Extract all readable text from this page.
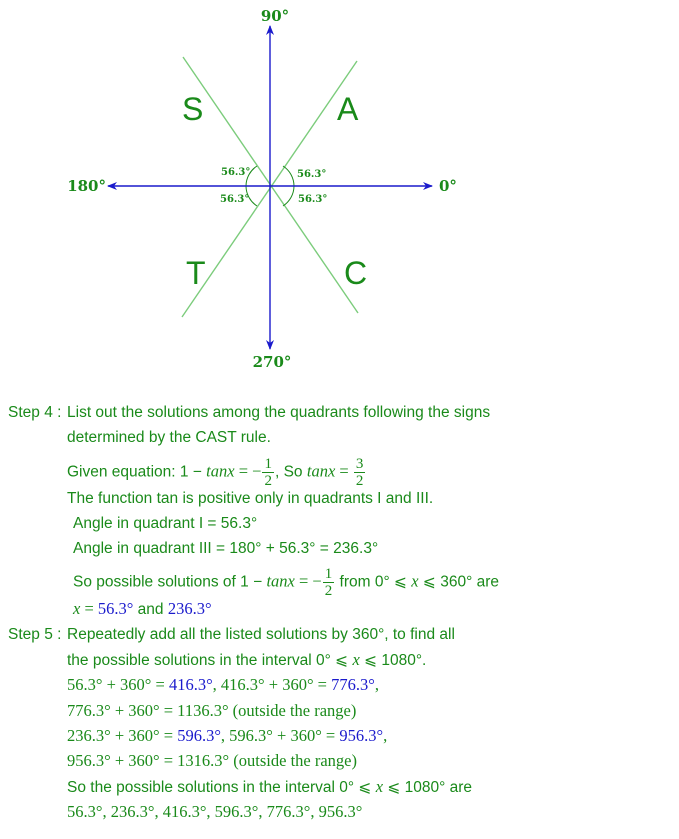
90°
0°
180°
270°
S	A
T	C
56.3°	56.3°
56.3°	56.3°
Step 4 : List out the solutions among the quadrants following the signs
determined by the CAST rule.
Given equation: 1 − tanx = − $\frac{1}{2}$ , So $\tan x = \frac{3}{2}$
The function tan is positive only in quadrants I and III.
Angle in quadrant I = 56.3°
Angle in quadrant III = 180° + 56.3° = 236.3°
So possible solutions of 1 − tanx = − $\frac{1}{2}$ from 0° ⩽ x ⩽ 360° are
x = 56.3° and 236.3°
Step 5 : Repeatedly add all the listed solutions by 360°, to find all
the possible solutions in the interval 0° ⩽ x ⩽ 1080°.
56.3° + 360° = 416.3°, 416.3° + 360° = 776.3°,
776.3° + 360° = 1136.3° (outside the range)
236.3° + 360° = 596.3°, 596.3° + 360° = 956.3°,
956.3° + 360° = 1316.3° (outside the range)
So the possible solutions in the interval 0° ⩽ x ⩽ 1080° are
56.3°, 236.3°, 416.3°, 596.3°, 776.3°, 956.3°
